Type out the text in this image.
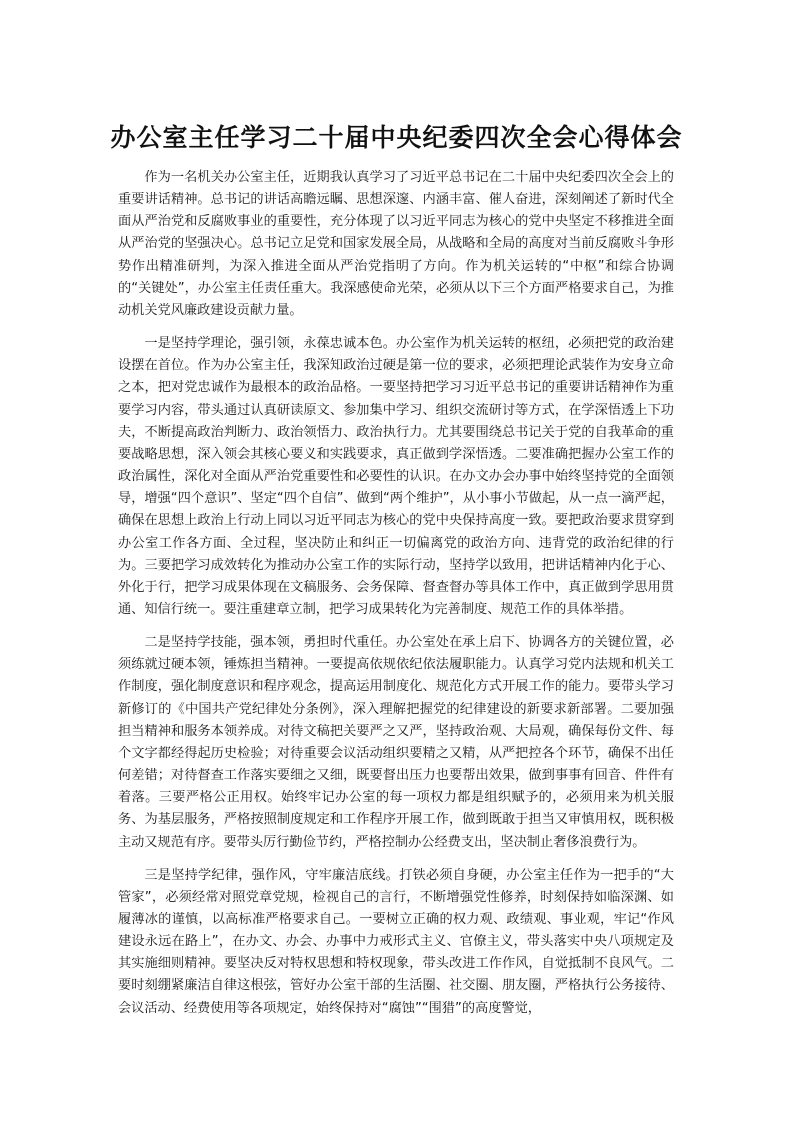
办公室主任学习二十届中央纪委四次全会心得体会

作为一名机关办公室主任，近期我认真学习了习近平总书记在二十届中央纪委四次全会上的重要讲话精神。总书记的讲话高瞻远瞩、思想深邃、内涵丰富、催人奋进，深刻阐述了新时代全面从严治党和反腐败事业的重要性，充分体现了以习近平同志为核心的党中央坚定不移推进全面从严治党的坚强决心。总书记立足党和国家发展全局，从战略和全局的高度对当前反腐败斗争形势作出精准研判，为深入推进全面从严治党指明了方向。作为机关运转的“中枢”和综合协调的“关键处”，办公室主任责任重大。我深感使命光荣，必须从以下三个方面严格要求自己，为推动机关党风廉政建设贡献力量。

一是坚持学理论，强引领，永葆忠诚本色。办公室作为机关运转的枢纽，必须把党的政治建设摆在首位。作为办公室主任，我深知政治过硬是第一位的要求，必须把理论武装作为安身立命之本，把对党忠诚作为最根本的政治品格。一要坚持把学习习近平总书记的重要讲话精神作为重要学习内容，带头通过认真研读原文、参加集中学习、组织交流研讨等方式，在学深悟透上下功夫，不断提高政治判断力、政治领悟力、政治执行力。尤其要围绕总书记关于党的自我革命的重要战略思想，深入领会其核心要义和实践要求，真正做到学深悟透。二要准确把握办公室工作的政治属性，深化对全面从严治党重要性和必要性的认识。在办文办会办事中始终坚持党的全面领导，增强“四个意识”、坚定“四个自信”、做到“两个维护”，从小事小节做起，从一点一滴严起，确保在思想上政治上行动上同以习近平同志为核心的党中央保持高度一致。要把政治要求贯穿到办公室工作各方面、全过程，坚决防止和纠正一切偏离党的政治方向、违背党的政治纪律的行为。三要把学习成效转化为推动办公室工作的实际行动，坚持学以致用，把讲话精神内化于心、外化于行，把学习成果体现在文稿服务、会务保障、督查督办等具体工作中，真正做到学思用贯通、知信行统一。要注重建章立制，把学习成果转化为完善制度、规范工作的具体举措。

二是坚持学技能，强本领，勇担时代重任。办公室处在承上启下、协调各方的关键位置，必须练就过硬本领，锤炼担当精神。一要提高依规依纪依法履职能力。认真学习党内法规和机关工作制度，强化制度意识和程序观念，提高运用制度化、规范化方式开展工作的能力。要带头学习新修订的《中国共产党纪律处分条例》，深入理解把握党的纪律建设的新要求新部署。二要加强担当精神和服务本领养成。对待文稿把关要严之又严，坚持政治观、大局观，确保每份文件、每个文字都经得起历史检验；对待重要会议活动组织要精之又精，从严把控各个环节，确保不出任何差错；对待督查工作落实要细之又细，既要督出压力也要帮出效果，做到事事有回音、件件有着落。三要严格公正用权。始终牢记办公室的每一项权力都是组织赋予的，必须用来为机关服务、为基层服务，严格按照制度规定和工作程序开展工作，做到既敢于担当又审慎用权，既积极主动又规范有序。要带头厉行勤俭节约，严格控制办公经费支出，坚决制止奢侈浪费行为。

三是坚持学纪律，强作风，守牢廉洁底线。打铁必须自身硬，办公室主任作为一把手的“大管家”，必须经常对照党章党规，检视自己的言行，不断增强党性修养，时刻保持如临深渊、如履薄冰的谨慎，以高标准严格要求自己。一要树立正确的权力观、政绩观、事业观，牢记“作风建设永远在路上”，在办文、办会、办事中力戒形式主义、官僚主义，带头落实中央八项规定及其实施细则精神。要坚决反对特权思想和特权现象，带头改进工作作风，自觉抵制不良风气。二要时刻绷紧廉洁自律这根弦，管好办公室干部的生活圈、社交圈、朋友圈，严格执行公务接待、会议活动、经费使用等各项规定，始终保持对“腐蚀”“围猎”的高度警觉，
